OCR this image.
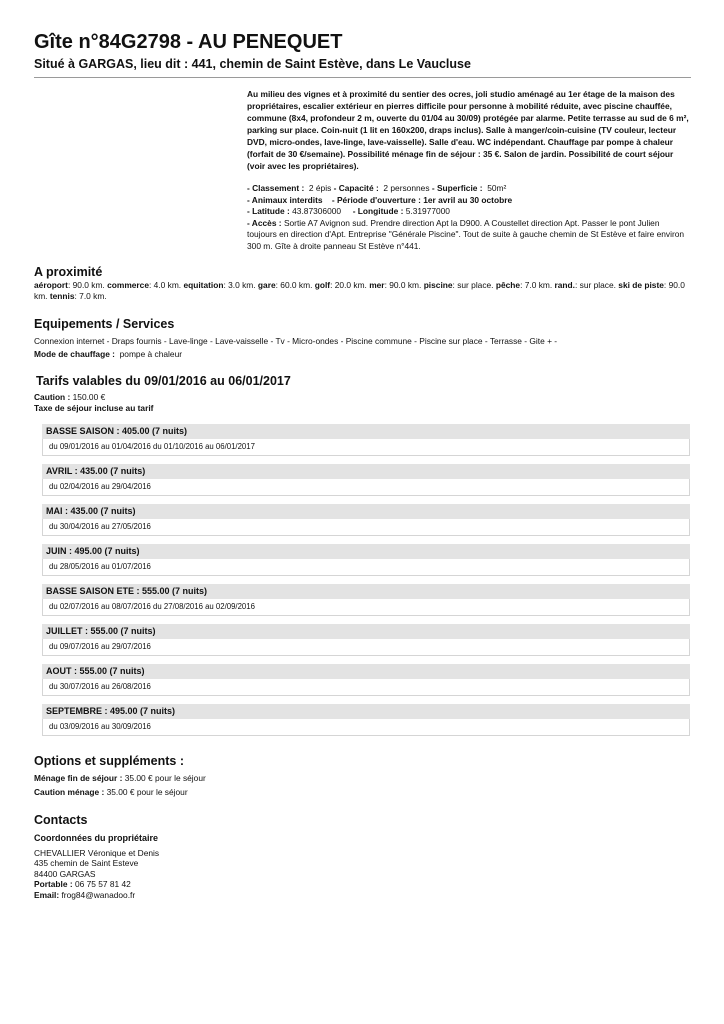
Gîte n°84G2798 - AU PENEQUET
Situé à GARGAS, lieu dit : 441, chemin de Saint Estève, dans Le Vaucluse

Au milieu des vignes et à proximité du sentier des ocres, joli studio aménagé au 1er étage de la maison des propriétaires, escalier extérieur en pierres difficile pour personne à mobilité réduite, avec piscine chauffée, commune (8x4, profondeur 2 m, ouverte du 01/04 au 30/09) protégée par alarme. Petite terrasse au sud de 6 m², parking sur place. Coin-nuit (1 lit en 160x200, draps inclus). Salle à manger/coin-cuisine (TV couleur, lecteur DVD, micro-ondes, lave-linge, lave-vaisselle). Salle d'eau. WC indépendant. Chauffage par pompe à chaleur (forfait de 30 €/semaine). Possibilité ménage fin de séjour : 35 €. Salon de jardin. Possibilité de court séjour (voir avec les propriétaires).

- Classement : 2 épis - Capacité : 2 personnes - Superficie : 50m²
- Animaux interdits - Période d'ouverture : 1er avril au 30 octobre
- Latitude : 43.87306000 - Longitude : 5.31977000
- Accès : Sortie A7 Avignon sud. Prendre direction Apt la D900. A Coustellet direction Apt. Passer le pont Julien toujours en direction d'Apt. Entreprise "Générale Piscine". Tout de suite à gauche chemin de St Estève et faire environ 300 m. Gîte à droite panneau St Estève n°441.
A proximité
aéroport: 90.0 km. commerce: 4.0 km. equitation: 3.0 km. gare: 60.0 km. golf: 20.0 km. mer: 90.0 km. piscine: sur place. pêche: 7.0 km. rand.: sur place. ski de piste: 90.0 km. tennis: 7.0 km.
Equipements / Services
Connexion internet - Draps fournis - Lave-linge - Lave-vaisselle - Tv - Micro-ondes - Piscine commune - Piscine sur place - Terrasse - Gite + -
Mode de chauffage : pompe à chaleur
Tarifs valables du 09/01/2016 au 06/01/2017
Caution : 150.00 €
Taxe de séjour incluse au tarif
BASSE SAISON : 405.00 (7 nuits)
du 09/01/2016 au 01/04/2016 du 01/10/2016 au 06/01/2017
AVRIL : 435.00 (7 nuits)
du 02/04/2016 au 29/04/2016
MAI : 435.00 (7 nuits)
du 30/04/2016 au 27/05/2016
JUIN : 495.00 (7 nuits)
du 28/05/2016 au 01/07/2016
BASSE SAISON ETE : 555.00 (7 nuits)
du 02/07/2016 au 08/07/2016 du 27/08/2016 au 02/09/2016
JUILLET : 555.00 (7 nuits)
du 09/07/2016 au 29/07/2016
AOUT : 555.00 (7 nuits)
du 30/07/2016 au 26/08/2016
SEPTEMBRE : 495.00 (7 nuits)
du 03/09/2016 au 30/09/2016
Options et suppléments :
Ménage fin de séjour : 35.00 € pour le séjour
Caution ménage : 35.00 € pour le séjour
Contacts
Coordonnées du propriétaire
CHEVALLIER Véronique et Denis
435 chemin de Saint Esteve
84400 GARGAS
Portable : 06 75 57 81 42
Email: frog84@wanadoo.fr
